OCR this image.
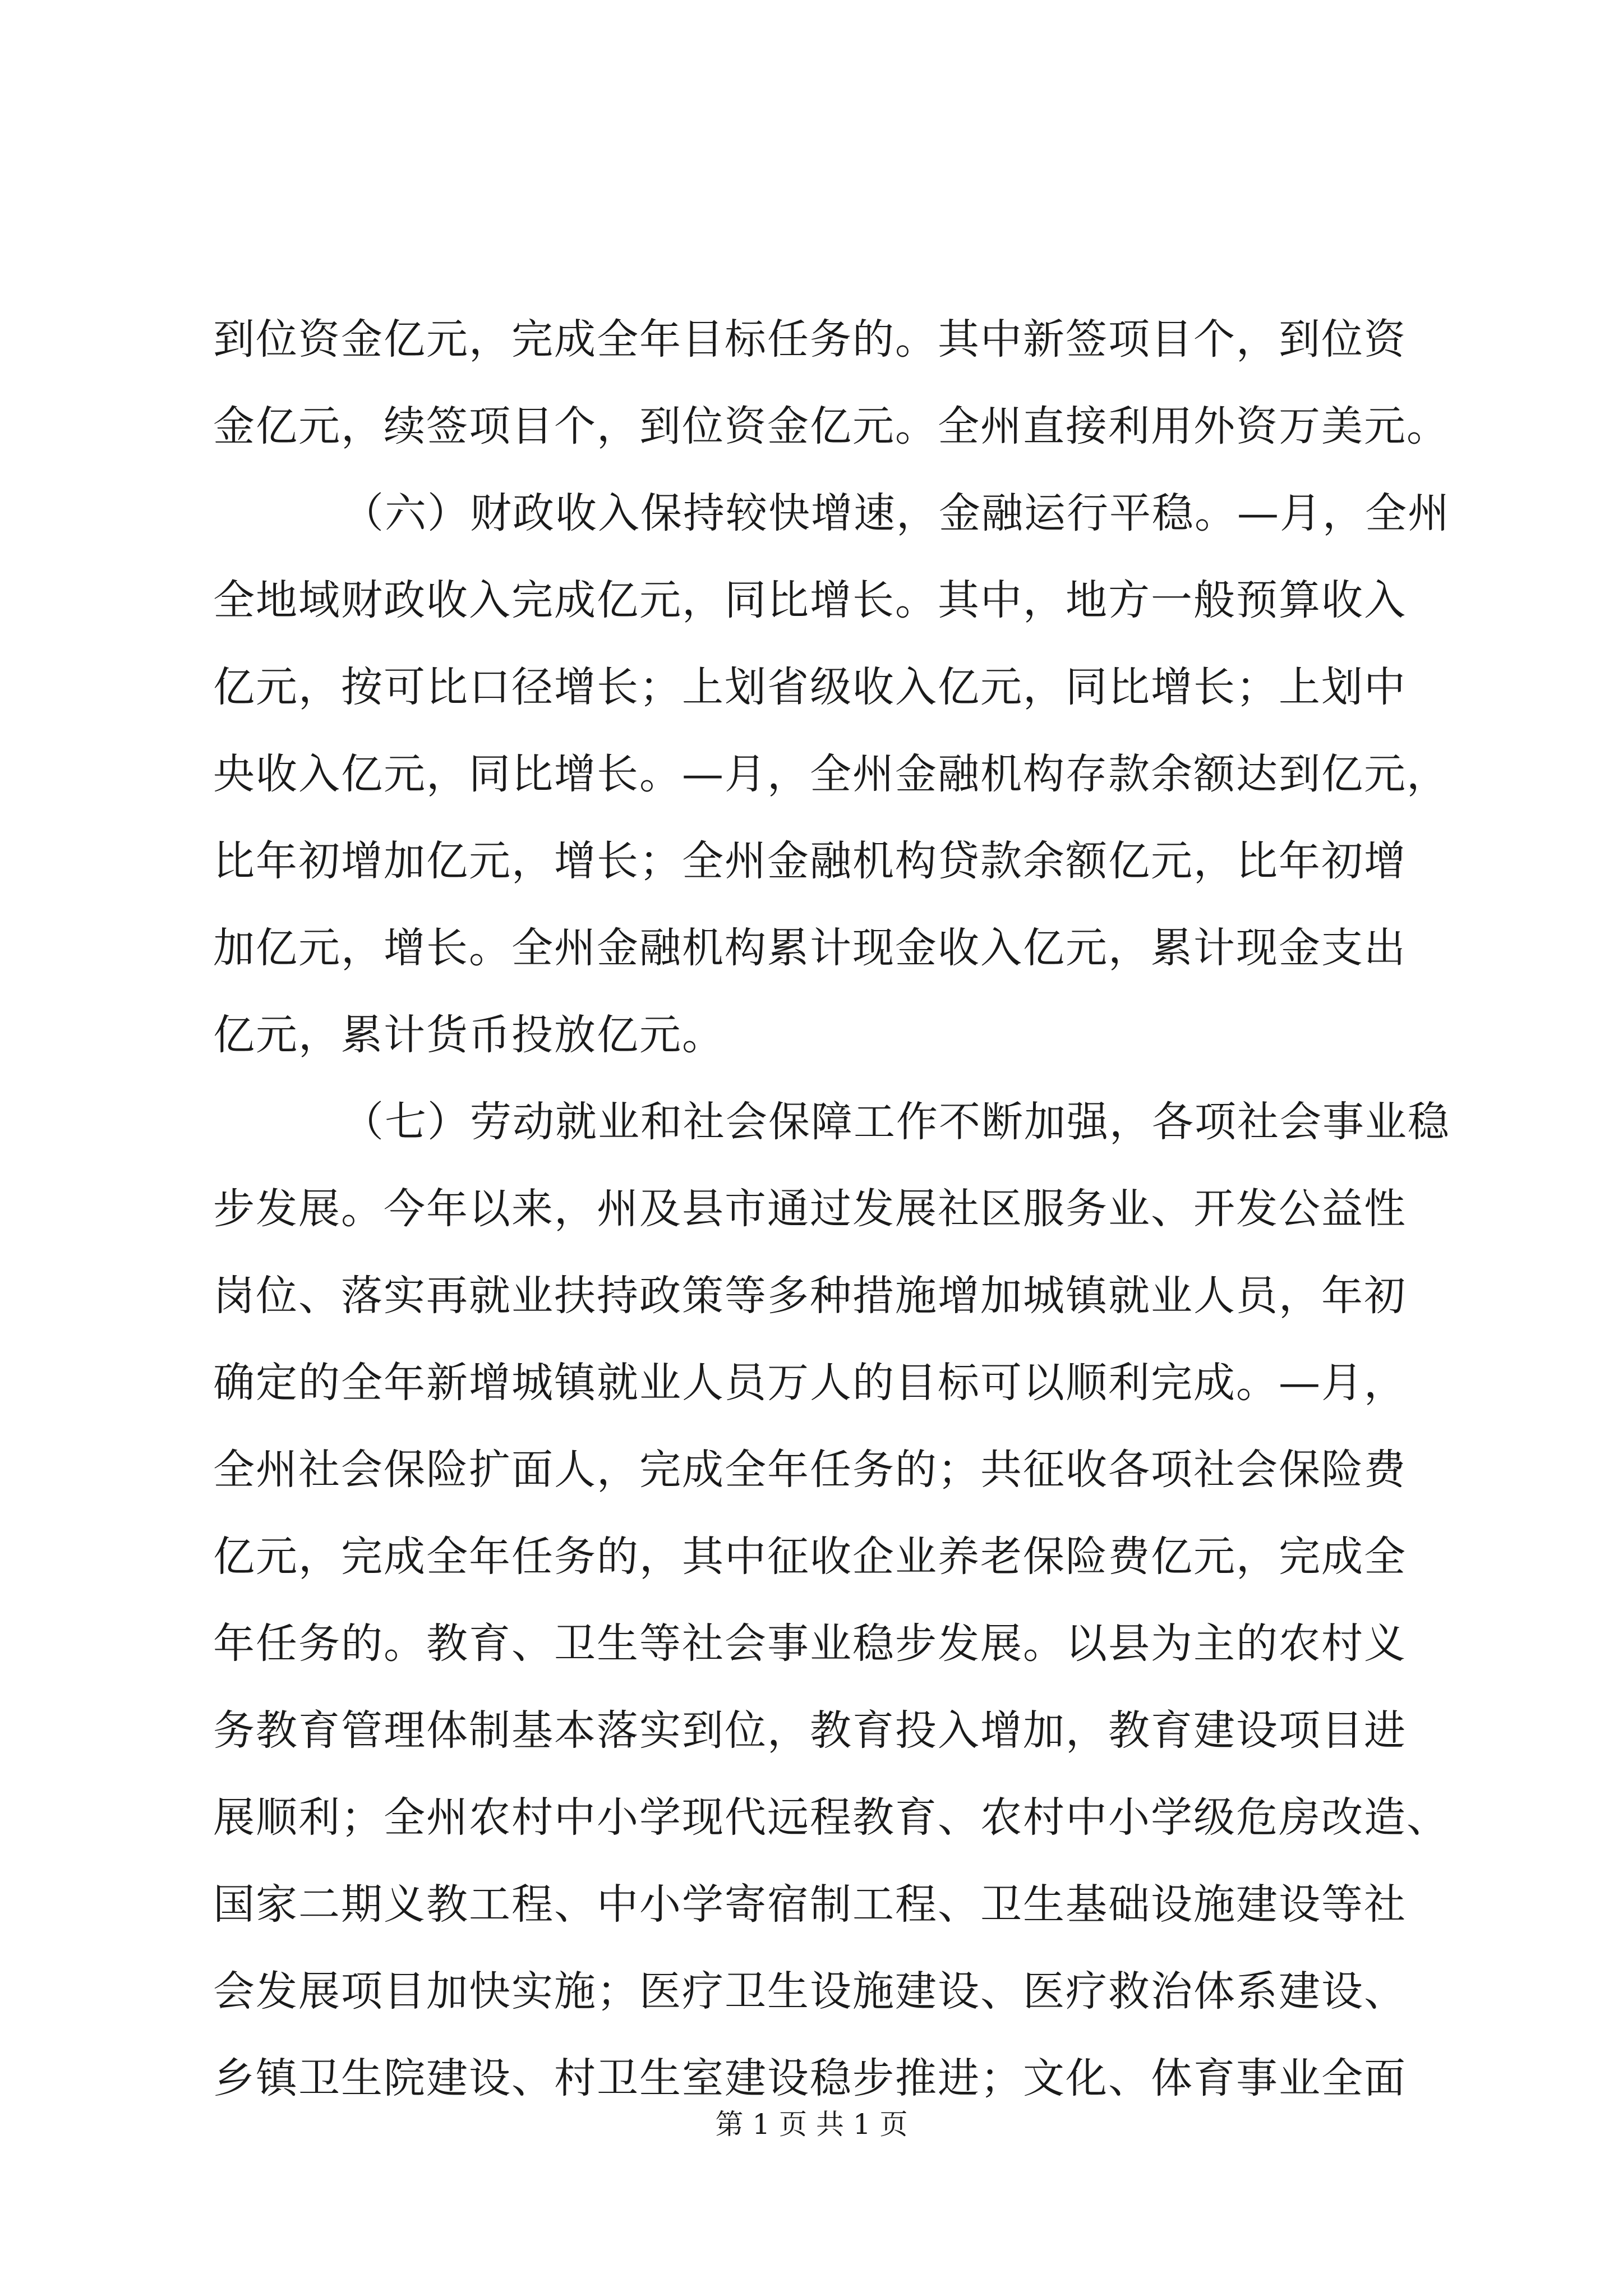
到位资金亿元，完成全年目标任务的。其中新签项目个，到位资
金亿元，续签项目个，到位资金亿元。全州直接利用外资万美元。
（六）财政收入保持较快增速，金融运行平稳。—月，全州
全地域财政收入完成亿元，同比增长。其中，地方一般预算收入
亿元，按可比口径增长；上划省级收入亿元，同比增长；上划中
央收入亿元，同比增长。—月，全州金融机构存款余额达到亿元，
比年初增加亿元，增长；全州金融机构贷款余额亿元，比年初增
加亿元，增长。全州金融机构累计现金收入亿元，累计现金支出
亿元，累计货币投放亿元。
（七）劳动就业和社会保障工作不断加强，各项社会事业稳
步发展。今年以来，州及县市通过发展社区服务业、开发公益性
岗位、落实再就业扶持政策等多种措施增加城镇就业人员，年初
确定的全年新增城镇就业人员万人的目标可以顺利完成。—月，
全州社会保险扩面人，完成全年任务的；共征收各项社会保险费
亿元，完成全年任务的，其中征收企业养老保险费亿元，完成全
年任务的。教育、卫生等社会事业稳步发展。以县为主的农村义
务教育管理体制基本落实到位，教育投入增加，教育建设项目进
展顺利；全州农村中小学现代远程教育、农村中小学级危房改造、
国家二期义教工程、中小学寄宿制工程、卫生基础设施建设等社
会发展项目加快实施；医疗卫生设施建设、医疗救治体系建设、
乡镇卫生院建设、村卫生室建设稳步推进；文化、体育事业全面
第 1 页 共 1 页
